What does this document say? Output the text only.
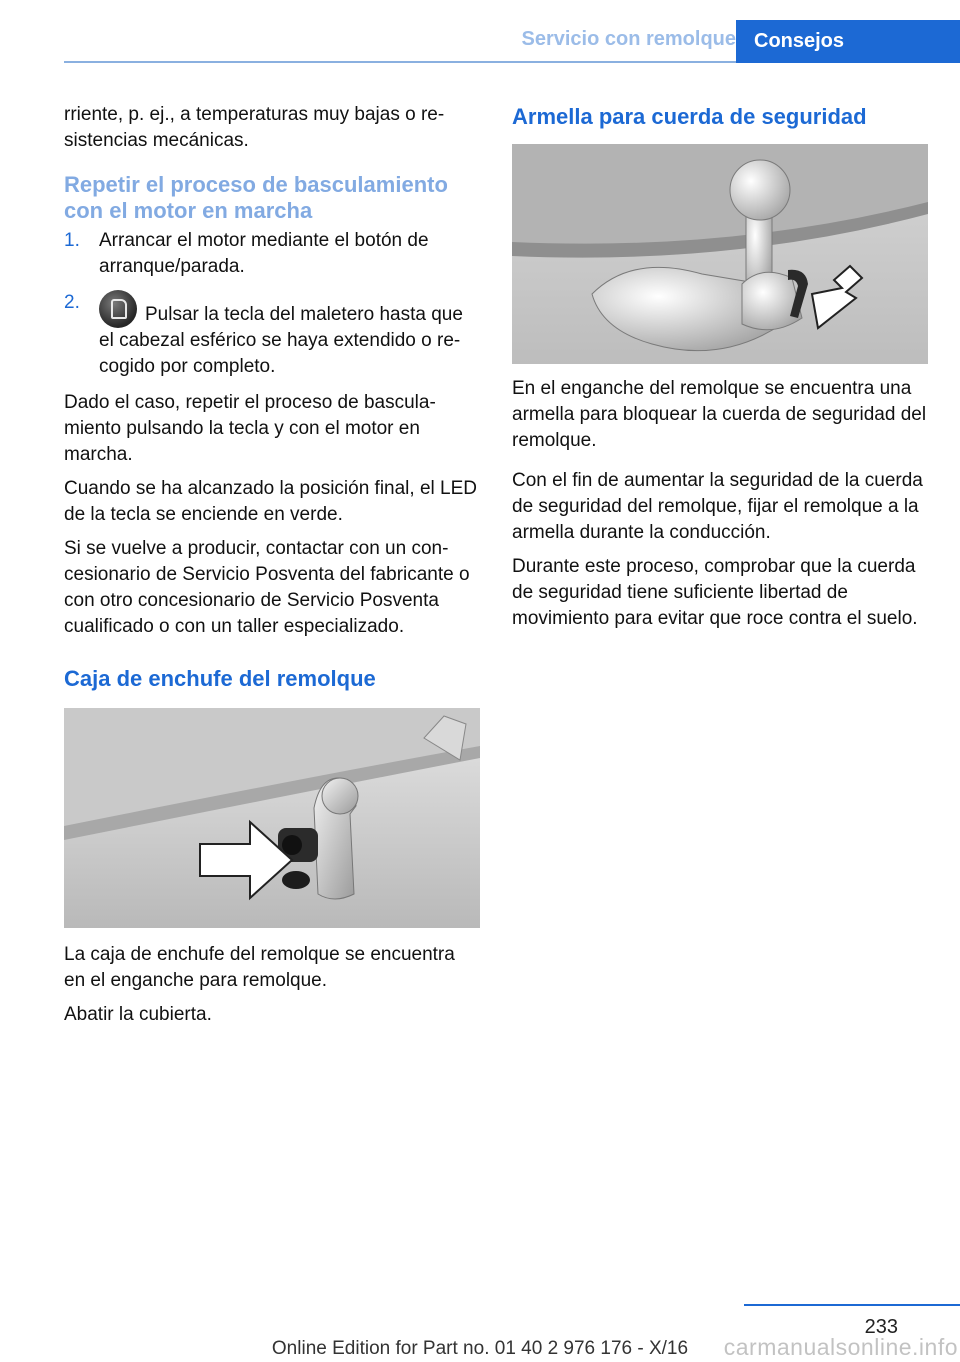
Servicio con remolque Consejos

rriente, p. ej., a temperaturas muy bajas o resistencias mecánicas.

Repetir el proceso de basculamiento con el motor en marcha
1. Arrancar el motor mediante el botón de arranque/parada.
2.
Pulsar la tecla del maletero hasta que el cabezal esférico se haya extendido o recogido por completo.

Dado el caso, repetir el proceso de basculamiento pulsando la tecla y con el motor en marcha.

Cuando se ha alcanzado la posición final, el LED de la tecla se enciende en verde.

Si se vuelve a producir, contactar con un concesionario de Servicio Posventa del fabricante o con otro concesionario de Servicio Posventa cualificado o con un taller especializado.

Caja de enchufe del remolque

La caja de enchufe del remolque se encuentra en el enganche para remolque.

Abatir la cubierta.

Armella para cuerda de seguridad

En el enganche del remolque se encuentra una armella para bloquear la cuerda de seguridad del remolque.

Con el fin de aumentar la seguridad de la cuerda de seguridad del remolque, fijar el remolque a la armella durante la conducción.

Durante este proceso, comprobar que la cuerda de seguridad tiene suficiente libertad de movimiento para evitar que roce contra el suelo.

233
Online Edition for Part no. 01 40 2 976 176 - X/16	carmanualsonline.info
